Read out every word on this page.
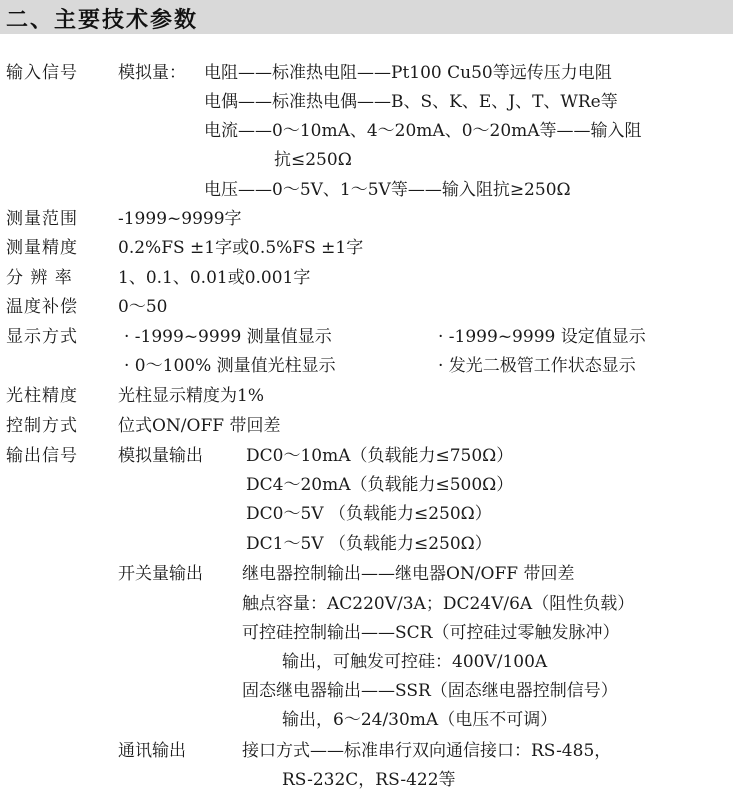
二、主要技术参数
输入信号 模拟量： 电阻——标准热电阻——Pt100 Cu50等远传压力电阻
电偶——标准热电偶——B、S、K、E、J、T、WRe等
电流——0～10mA、4～20mA、0～20mA等——输入阻
抗≤250Ω
电压——0～5V、1～5V等——输入阻抗≥250Ω
测量范围 -1999~9999字
测量精度 0.2%FS ±1字或0.5%FS ±1字
分 辨 率	1、0.1、0.01或0.001字
温度补偿 0～50
显示方式	· -1999~9999 测量值显示	· -1999~9999 设定值显示
· 0～100% 测量值光柱显示	· 发光二极管工作状态显示
光柱精度 光柱显示精度为1%
控制方式 位式ON/OFF 带回差
输出信号 模拟量输出	DC0～10mA（负载能力≤750Ω）
DC4～20mA（负载能力≤500Ω）
DC0～5V （负载能力≤250Ω）
DC1～5V （负载能力≤250Ω）
开关量输出 继电器控制输出——继电器ON/OFF 带回差
触点容量：AC220V/3A；DC24V/6A（阻性负载）
可控硅控制输出——SCR（可控硅过零触发脉冲）
输出，可触发可控硅：400V/100A
固态继电器输出——SSR（固态继电器控制信号）
输出，6～24/30mA（电压不可调）
通讯输出	接口方式——标准串行双向通信接口：RS-485，
RS-232C，RS-422等
